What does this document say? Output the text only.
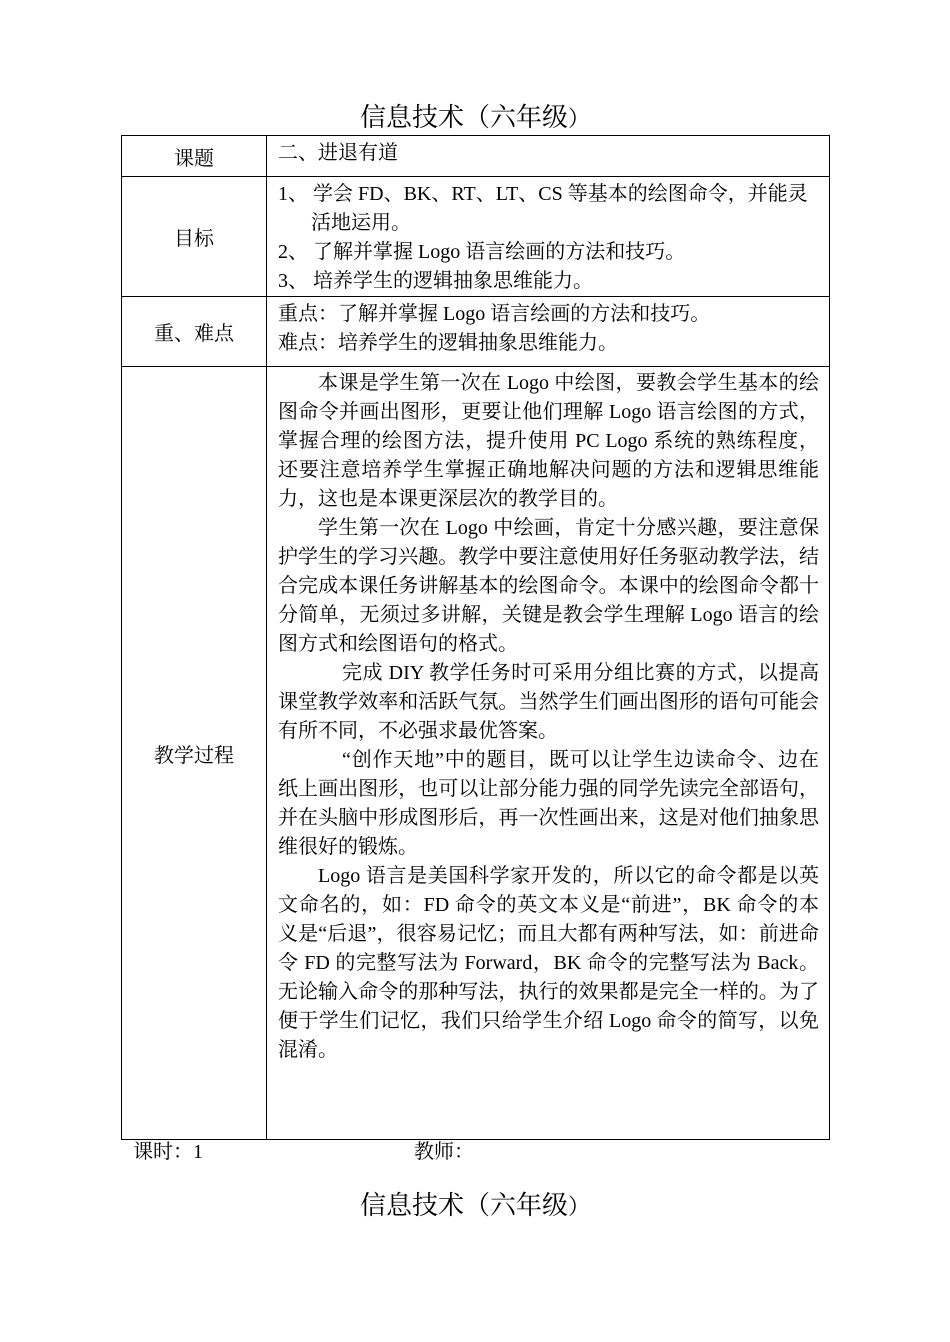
信息技术（六年级）
课题	二、进退有道

目标	1、 学会 FD、BK、RT、LT、CS 等基本的绘图命令，并能灵活地运用。
2、 了解并掌握 Logo 语言绘画的方法和技巧。
3、 培养学生的逻辑抽象思维能力。

重、难点	重点：了解并掌握 Logo 语言绘画的方法和技巧。
难点：培养学生的逻辑抽象思维能力。

教学过程	本课是学生第一次在 Logo 中绘图，要教会学生基本的绘图命令并画出图形，更要让他们理解 Logo 语言绘图的方式，掌握合理的绘图方法，提升使用 PC Logo 系统的熟练程度，还要注意培养学生掌握正确地解决问题的方法和逻辑思维能力，这也是本课更深层次的教学目的。

学生第一次在 Logo 中绘画，肯定十分感兴趣，要注意保护学生的学习兴趣。教学中要注意使用好任务驱动教学法，结合完成本课任务讲解基本的绘图命令。本课中的绘图命令都十分简单，无须过多讲解，关键是教会学生理解 Logo 语言的绘图方式和绘图语句的格式。

完成 DIY 教学任务时可采用分组比赛的方式，以提高课堂教学效率和活跃气氛。当然学生们画出图形的语句可能会有所不同，不必强求最优答案。

“创作天地”中的题目，既可以让学生边读命令、边在纸上画出图形，也可以让部分能力强的同学先读完全部语句，并在头脑中形成图形后，再一次性画出来，这是对他们抽象思维很好的锻炼。

Logo 语言是美国科学家开发的，所以它的命令都是以英文命名的，如：FD 命令的英文本义是“前进”，BK 命令的本义是“后退”，很容易记忆；而且大都有两种写法，如：前进命令 FD 的完整写法为 Forward，BK 命令的完整写法为 Back。无论输入命令的那种写法，执行的效果都是完全一样的。为了便于学生们记忆，我们只给学生介绍 Logo 命令的简写，以免混淆。

课时：1	教师：
信息技术（六年级）
